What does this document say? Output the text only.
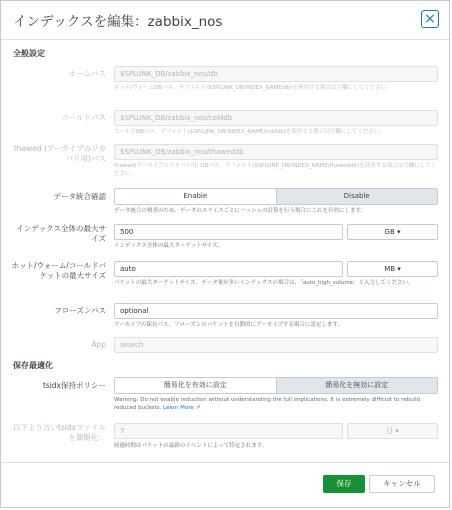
インデックスを編集：zabbix_nos	×
全般設定
ホームパス	$SPLUNK_DB/zabbix_nos/db
ホット/ウォームDBパス。デフォルト($SPLUNK_DB/INDEX_NAME/db)を使用する場合は空欄にしてください。
コールドパス	$SPLUNK_DB/zabbix_nos/colddb
コールドDBパス。デフォルト($SPLUNK_DB/INDEX_NAME/colddb)を使用する場合は空欄にしてください。
thawed (アーカイブのリカバリ用)パス
$SPLUNK_DB/zabbix_nos/thaweddb
thawed(アーカイブのリカバリ用) DBパス。デフォルト($SPLUNK_DB/INDEX_NAME/thaweddb)を使用する場合は空欄にしてください。
データ統合確認	Enable	Disable
データ統合の検査のため、データのスライスごとにハッシュの計算を行う場合にこれを有効にします。
インデックス全体の最大サイズ
500	GB ▾
インデックス全体の最大ターゲットサイズ。
ホット/ウォーム/コールドバケットの最大サイズ
auto	MB ▾
バケットの最大ターゲットサイズ。データ量が多いインデックスの場合は、「auto_high_volume」と入力してください。
フローズンパス	optional
アーカイブの保存パス。フローズンのバケットを自動的にアーカイブする場合に設定します。
App	search
保存最適化
tsidx保持ポリシー	簡易化を有効に設定	簡易化を無効に設定
Warning: Do not enable reduction without understanding the full implications. It is extremely difficult to rebuild reduced buckets. Learn More ↗
以下より古いtsidxファイルを簡略化：
7	日 ▾
経過時間はバケットの最新のイベントによって特定されます。
保存	キャンセル
